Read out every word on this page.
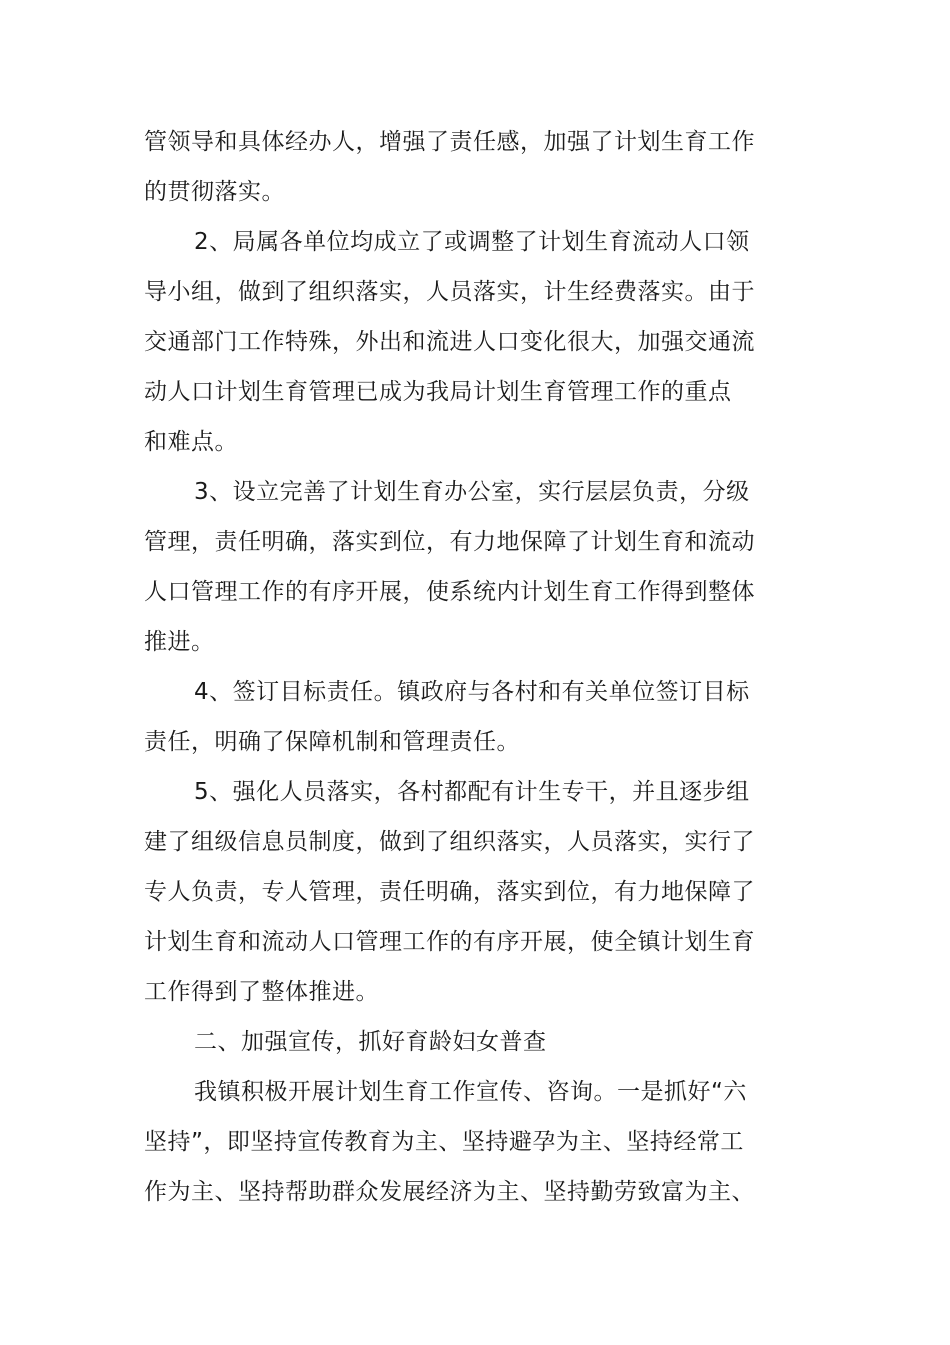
管领导和具体经办人，增强了责任感，加强了计划生育工作
的贯彻落实。
2、局属各单位均成立了或调整了计划生育流动人口领
导小组，做到了组织落实，人员落实，计生经费落实。由于
交通部门工作特殊，外出和流进人口变化很大，加强交通流
动人口计划生育管理已成为我局计划生育管理工作的重点
和难点。
3、设立完善了计划生育办公室，实行层层负责，分级
管理，责任明确，落实到位，有力地保障了计划生育和流动
人口管理工作的有序开展，使系统内计划生育工作得到整体
推进。
4、签订目标责任。镇政府与各村和有关单位签订目标
责任，明确了保障机制和管理责任。
5、强化人员落实，各村都配有计生专干，并且逐步组
建了组级信息员制度，做到了组织落实，人员落实，实行了
专人负责，专人管理，责任明确，落实到位，有力地保障了
计划生育和流动人口管理工作的有序开展，使全镇计划生育
工作得到了整体推进。
二、加强宣传，抓好育龄妇女普查
我镇积极开展计划生育工作宣传、咨询。一是抓好“六
坚持”，即坚持宣传教育为主、坚持避孕为主、坚持经常工
作为主、坚持帮助群众发展经济为主、坚持勤劳致富为主、
